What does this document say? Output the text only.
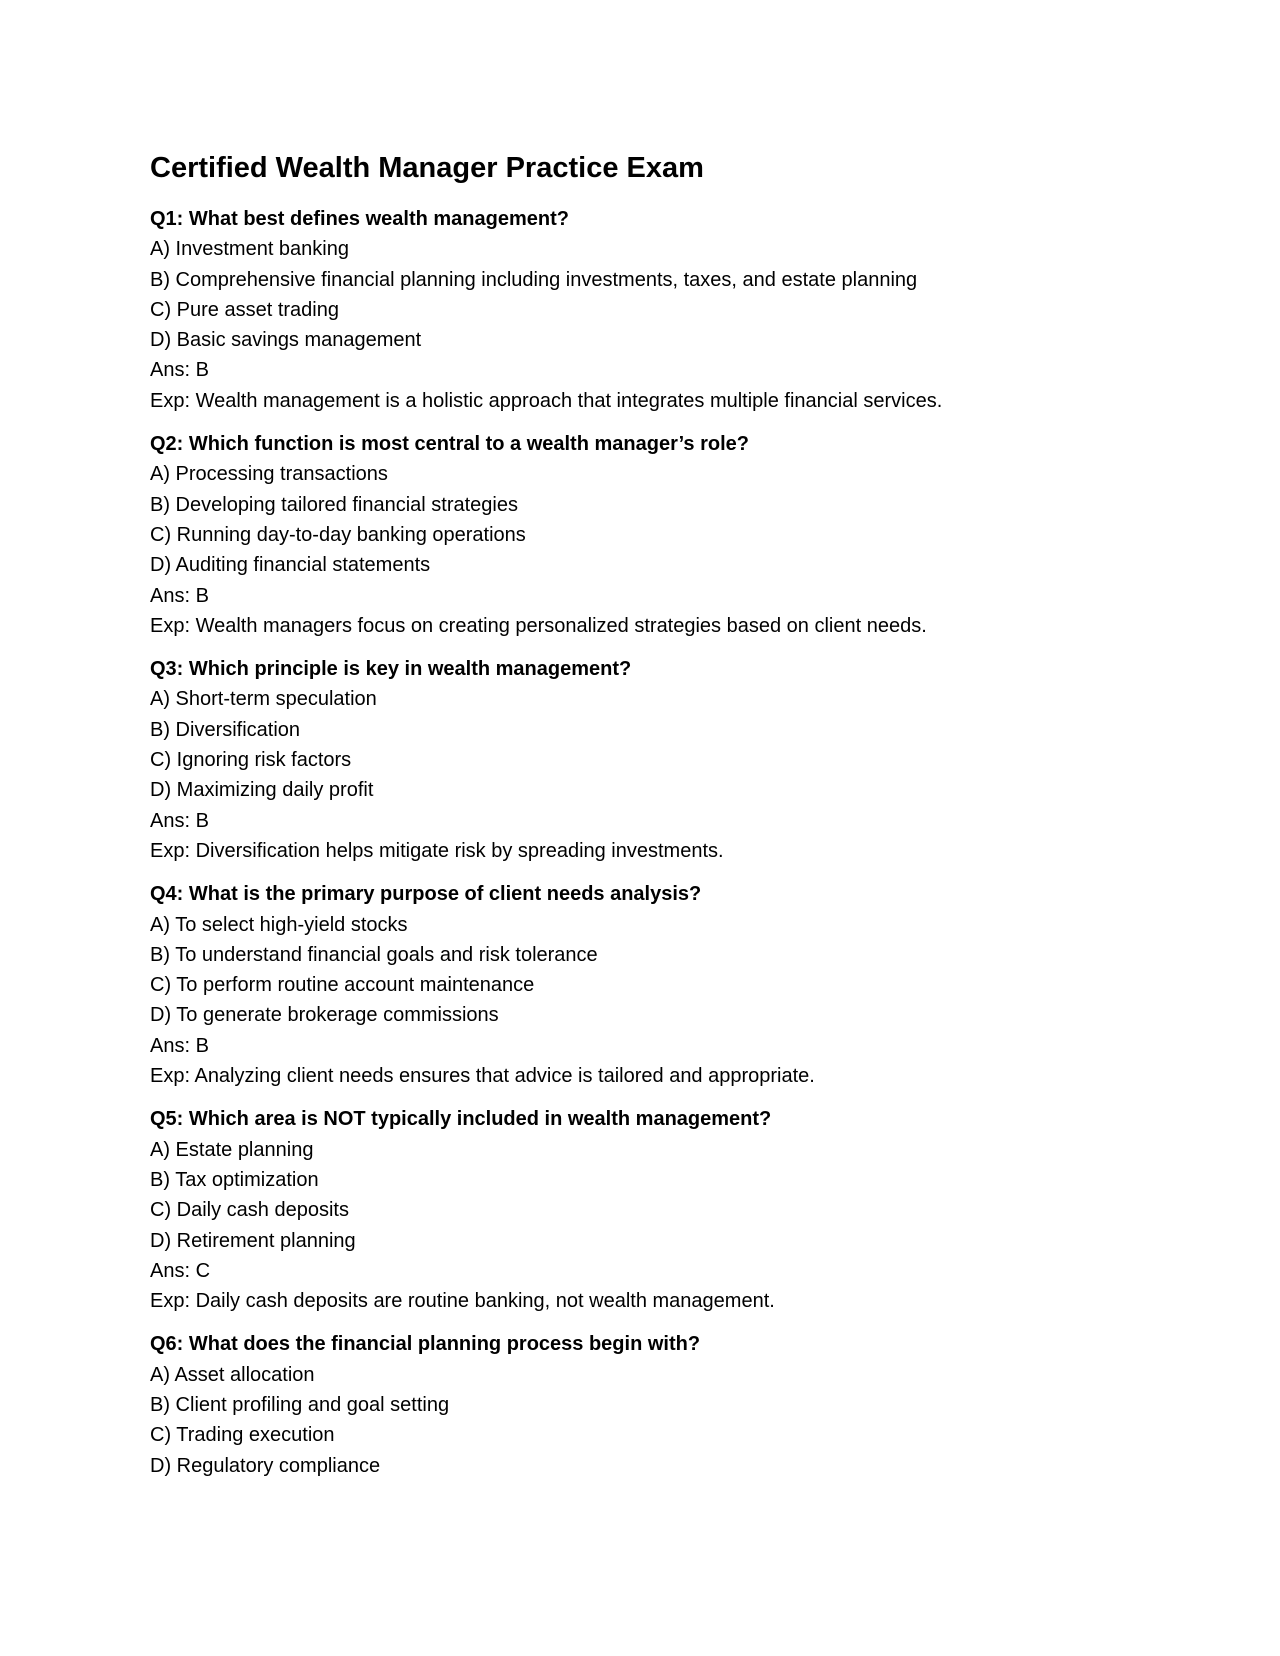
Certified Wealth Manager Practice Exam

Q1: What best defines wealth management?

A) Investment banking

B) Comprehensive financial planning including investments, taxes, and estate planning

C) Pure asset trading

D) Basic savings management

Ans: B

Exp: Wealth management is a holistic approach that integrates multiple financial services.

Q2: Which function is most central to a wealth manager’s role?

A) Processing transactions

B) Developing tailored financial strategies

C) Running day-to-day banking operations

D) Auditing financial statements

Ans: B

Exp: Wealth managers focus on creating personalized strategies based on client needs.

Q3: Which principle is key in wealth management?

A) Short-term speculation

B) Diversification

C) Ignoring risk factors

D) Maximizing daily profit

Ans: B

Exp: Diversification helps mitigate risk by spreading investments.

Q4: What is the primary purpose of client needs analysis?

A) To select high-yield stocks

B) To understand financial goals and risk tolerance

C) To perform routine account maintenance

D) To generate brokerage commissions

Ans: B

Exp: Analyzing client needs ensures that advice is tailored and appropriate.

Q5: Which area is NOT typically included in wealth management?

A) Estate planning

B) Tax optimization

C) Daily cash deposits

D) Retirement planning

Ans: C

Exp: Daily cash deposits are routine banking, not wealth management.

Q6: What does the financial planning process begin with?

A) Asset allocation

B) Client profiling and goal setting

C) Trading execution

D) Regulatory compliance
